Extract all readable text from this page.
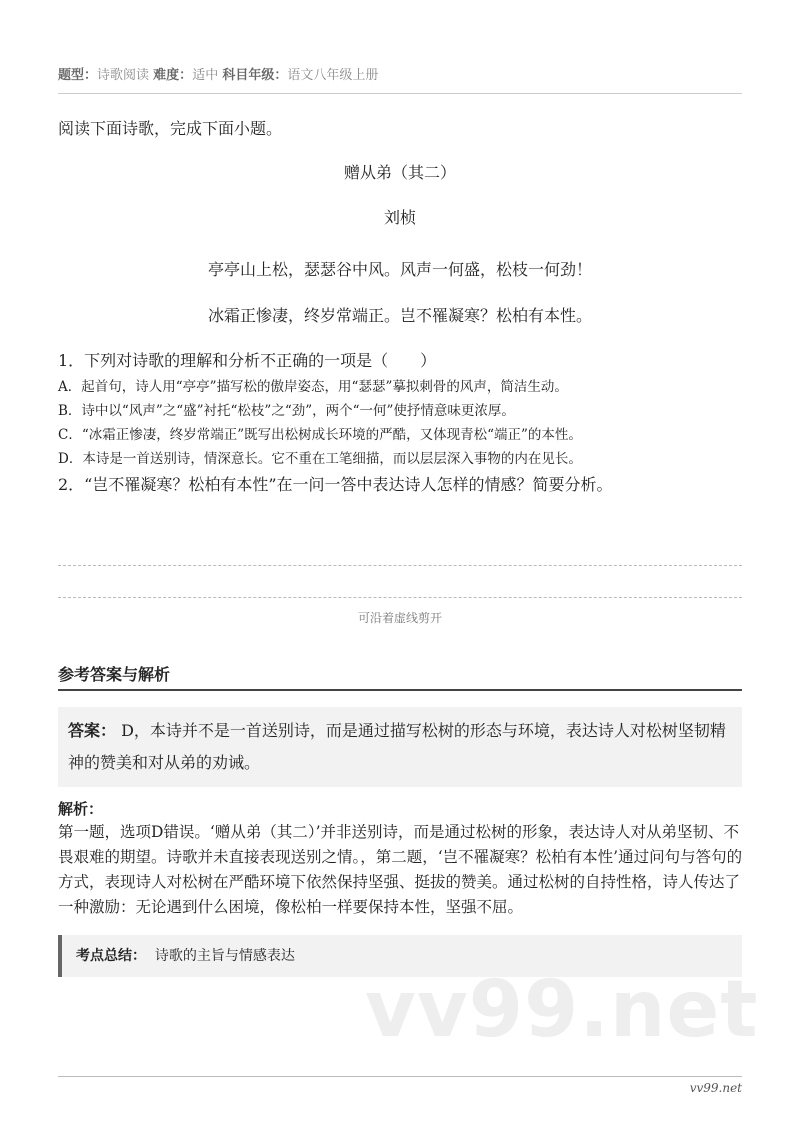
题型：诗歌阅读 难度：适中 科目年级：语文八年级上册
阅读下面诗歌，完成下面小题。
赠从弟（其二）
刘桢
亭亭山上松，瑟瑟谷中风。风声一何盛，松枝一何劲！
冰霜正惨凄，终岁常端正。岂不罹凝寒？松柏有本性。
1．下列对诗歌的理解和分析不正确的一项是（　　）
A．起首句，诗人用“亭亭”描写松的傲岸姿态，用“瑟瑟”摹拟刺骨的风声，简洁生动。
B．诗中以“风声”之“盛”衬托“松枝”之“劲”，两个“一何”使抒情意味更浓厚。
C．“冰霜正惨凄，终岁常端正”既写出松树成长环境的严酷，又体现青松“端正”的本性。
D．本诗是一首送别诗，情深意长。它不重在工笔细描，而以层层深入事物的内在见长。
2．“岂不罹凝寒？松柏有本性”在一问一答中表达诗人怎样的情感？简要分析。
可沿着虚线剪开
参考答案与解析
答案： D，本诗并不是一首送别诗，而是通过描写松树的形态与环境，表达诗人对松树坚韧精神的赞美和对从弟的劝诫。
解析：
第一题，选项D错误。‘赠从弟（其二）’并非送别诗，而是通过松树的形象，表达诗人对从弟坚韧、不畏艰难的期望。诗歌并未直接表现送别之情。，第二题，‘岂不罹凝寒？松柏有本性’通过问句与答句的方式，表现诗人对松树在严酷环境下依然保持坚强、挺拔的赞美。通过松树的自持性格，诗人传达了一种激励：无论遇到什么困境，像松柏一样要保持本性，坚强不屈。
考点总结： 诗歌的主旨与情感表达
vv99.net
vv99.net
